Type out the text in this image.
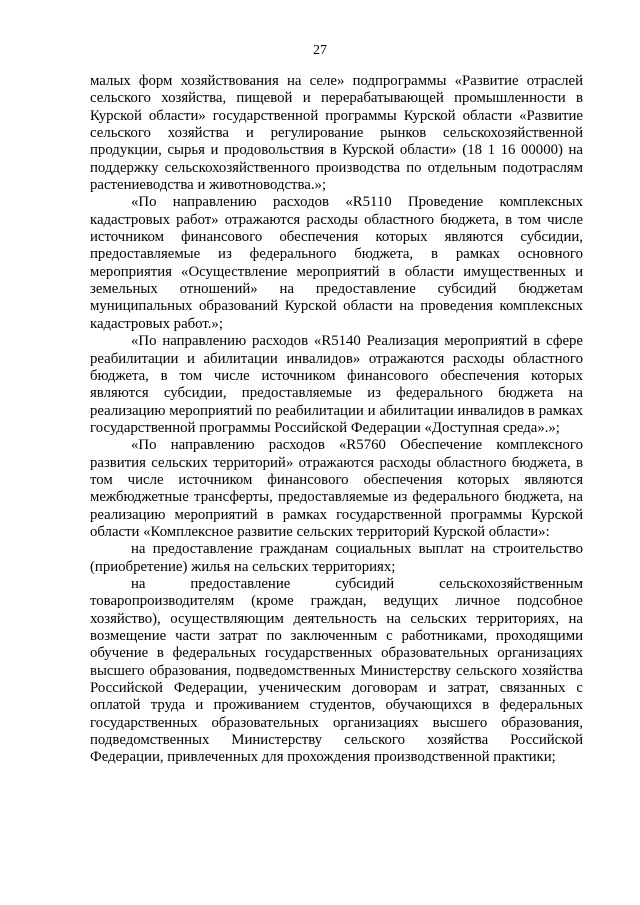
27

малых форм хозяйствования на селе» подпрограммы «Развитие отраслей сельского хозяйства, пищевой и перерабатывающей промышленности в Курской области» государственной программы Курской области «Развитие сельского хозяйства и регулирование рынков сельскохозяйственной продукции, сырья и продовольствия в Курской области» (18 1 16 00000) на поддержку сельскохозяйственного производства по отдельным подотраслям растениеводства и животноводства.»;

«По направлению расходов «R5110 Проведение комплексных кадастровых работ» отражаются расходы областного бюджета, в том числе источником финансового обеспечения которых являются субсидии, предоставляемые из федерального бюджета, в рамках основного мероприятия «Осуществление мероприятий в области имущественных и земельных отношений» на предоставление субсидий бюджетам муниципальных образований Курской области на проведения комплексных кадастровых работ.»;

«По направлению расходов «R5140 Реализация мероприятий в сфере реабилитации и абилитации инвалидов» отражаются расходы областного бюджета, в том числе источником финансового обеспечения которых являются субсидии, предоставляемые из федерального бюджета на реализацию мероприятий по реабилитации и абилитации инвалидов в рамках государственной программы Российской Федерации «Доступная среда».»;

«По направлению расходов «R5760 Обеспечение комплексного развития сельских территорий» отражаются расходы областного бюджета, в том числе источником финансового обеспечения которых являются межбюджетные трансферты, предоставляемые из федерального бюджета, на реализацию мероприятий в рамках государственной программы Курской области «Комплексное развитие сельских территорий Курской области»:

на предоставление гражданам социальных выплат на строительство (приобретение) жилья на сельских территориях;

на предоставление субсидий сельскохозяйственным товаропроизводителям (кроме граждан, ведущих личное подсобное хозяйство), осуществляющим деятельность на сельских территориях, на возмещение части затрат по заключенным с работниками, проходящими обучение в федеральных государственных образовательных организациях высшего образования, подведомственных Министерству сельского хозяйства Российской Федерации, ученическим договорам и затрат, связанных с оплатой труда и проживанием студентов, обучающихся в федеральных государственных образовательных организациях высшего образования, подведомственных Министерству сельского хозяйства Российской Федерации, привлеченных для прохождения производственной практики;
